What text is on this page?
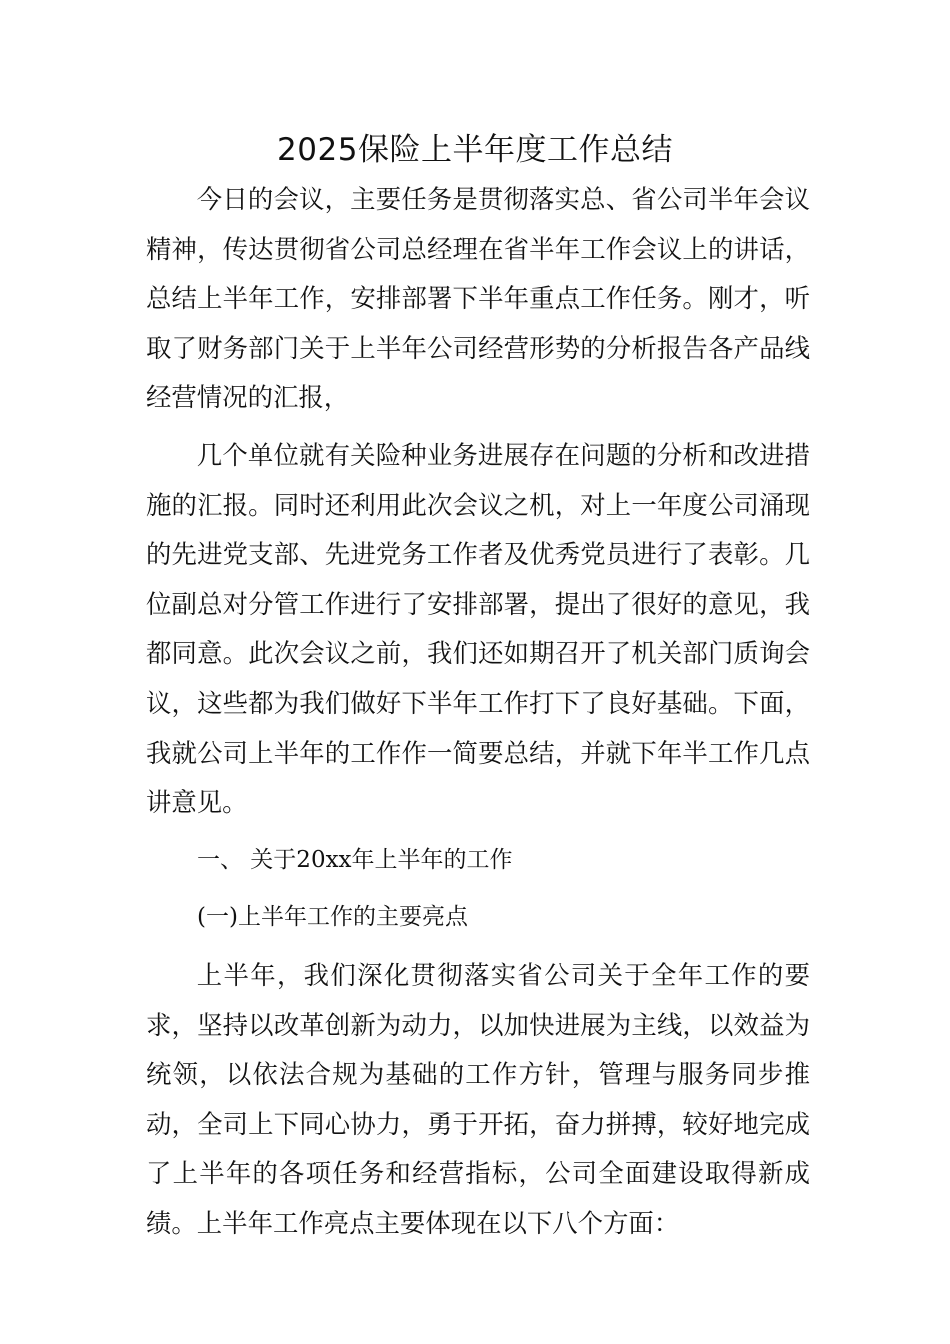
2025保险上半年度工作总结

今日的会议，主要任务是贯彻落实总、省公司半年会议精神，传达贯彻省公司总经理在省半年工作会议上的讲话，总结上半年工作，安排部署下半年重点工作任务。刚才，听取了财务部门关于上半年公司经营形势的分析报告各产品线经营情况的汇报，

几个单位就有关险种业务进展存在问题的分析和改进措施的汇报。同时还利用此次会议之机，对上一年度公司涌现的先进党支部、先进党务工作者及优秀党员进行了表彰。几位副总对分管工作进行了安排部署，提出了很好的意见，我都同意。此次会议之前，我们还如期召开了机关部门质询会议，这些都为我们做好下半年工作打下了良好基础。下面，我就公司上半年的工作作一简要总结，并就下年半工作几点讲意见。

一、 关于20xx年上半年的工作

(一)上半年工作的主要亮点

上半年，我们深化贯彻落实省公司关于全年工作的要求，坚持以改革创新为动力，以加快进展为主线，以效益为统领，以依法合规为基础的工作方针，管理与服务同步推动，全司上下同心协力，勇于开拓，奋力拼搏，较好地完成了上半年的各项任务和经营指标，公司全面建设取得新成绩。上半年工作亮点主要体现在以下八个方面：
